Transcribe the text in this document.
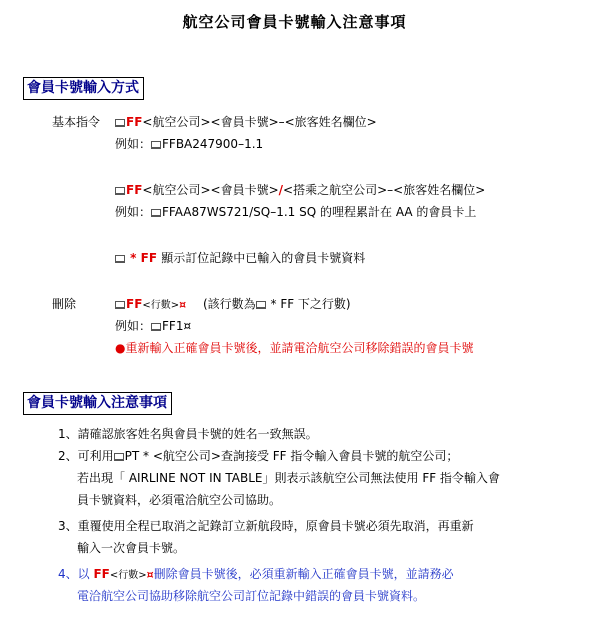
航空公司會員卡號輸入注意事項
會員卡號輸入方式
基本指令	FF<航空公司><會員卡號>–<旅客姓名欄位>
例如： FFBA247900–1.1
FF<航空公司><會員卡號>/<搭乘之航空公司>–<旅客姓名欄位>
例如： FFAA87WS721/SQ–1.1 SQ 的哩程累計在 AA 的會員卡上
* FF 顯示訂位記錄中已輸入的會員卡號資料
刪除	FF<行數>¤ (該行數為 * FF 下之行數)
例如： FF1¤
●重新輸入正確會員卡號後，並請電洽航空公司移除錯誤的會員卡號
會員卡號輸入注意事項
1、請確認旅客姓名與會員卡號的姓名一致無誤。
2、可利用 PT * <航空公司>查詢接受 FF 指令輸入會員卡號的航空公司；
若出現「 AIRLINE NOT IN TABLE」則表示該航空公司無法使用 FF 指令輸入會
員卡號資料，必須電洽航空公司協助。
3、重覆使用全程已取消之記錄訂立新航段時，原會員卡號必須先取消，再重新
輸入一次會員卡號。
4、以 FF<行數>¤刪除會員卡號後，必須重新輸入正確會員卡號，並請務必
電洽航空公司協助移除航空公司訂位記錄中錯誤的會員卡號資料。
